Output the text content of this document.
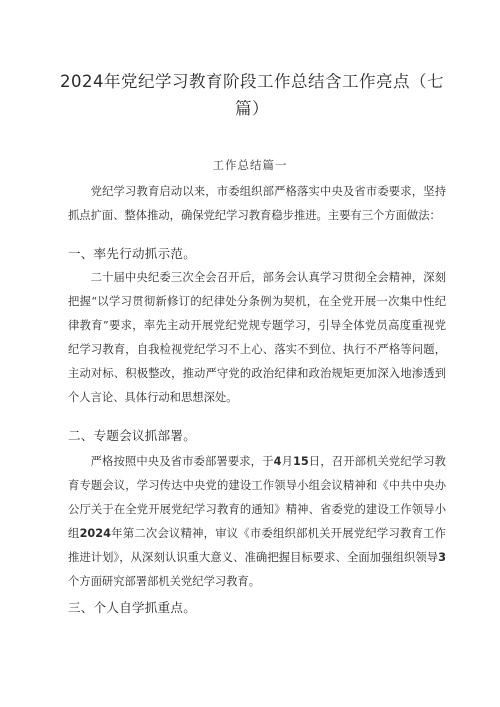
2024年党纪学习教育阶段工作总结含工作亮点（七篇）
工作总结篇一

党纪学习教育启动以来，市委组织部严格落实中央及省市委要求，坚持抓点扩面、整体推动，确保党纪学习教育稳步推进。主要有三个方面做法：

一、率先行动抓示范。

二十届中央纪委三次全会召开后，部务会认真学习贯彻全会精神，深刻把握“以学习贯彻新修订的纪律处分条例为契机，在全党开展一次集中性纪律教育”要求，率先主动开展党纪党规专题学习，引导全体党员高度重视党纪学习教育，自我检视党纪学习不上心、落实不到位、执行不严格等问题，主动对标、积极整改，推动严守党的政治纪律和政治规矩更加深入地渗透到个人言论、具体行动和思想深处。

二、专题会议抓部署。

严格按照中央及省市委部署要求，于4月15日，召开部机关党纪学习教育专题会议，学习传达中央党的建设工作领导小组会议精神和《中共中央办公厅关于在全党开展党纪学习教育的通知》精神、省委党的建设工作领导小组2024年第二次会议精神，审议《市委组织部机关开展党纪学习教育工作推进计划》，从深刻认识重大意义、准确把握目标要求、全面加强组织领导3个方面研究部署部机关党纪学习教育。

三、个人自学抓重点。
